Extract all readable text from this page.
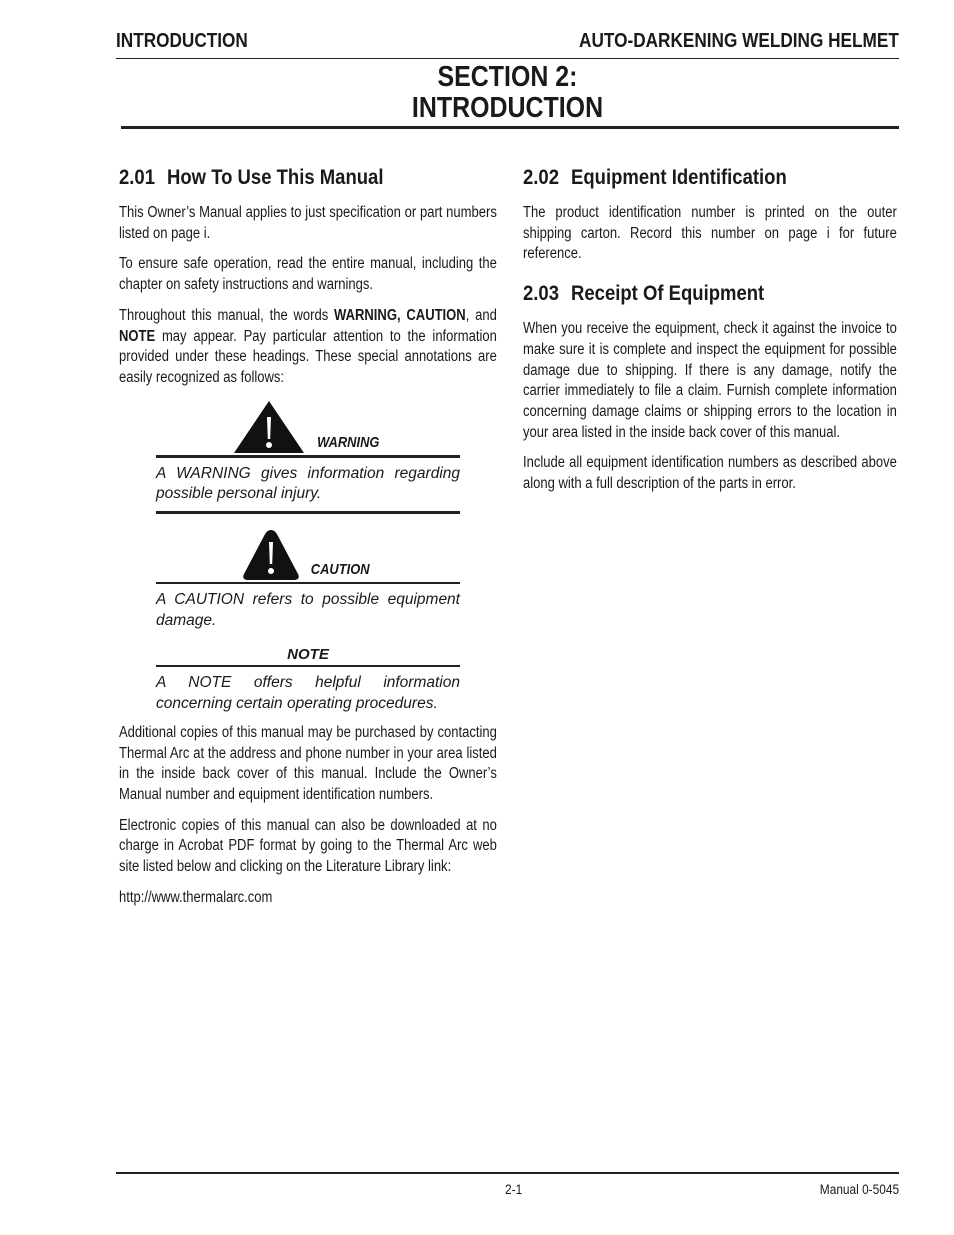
INTRODUCTION	AUTO-DARKENING WELDING HELMET
SECTION 2:
INTRODUCTION
2.01 How To Use This Manual

This Owner’s Manual applies to just specification or part numbers listed on page i.

To ensure safe operation, read the entire manual, including the chapter on safety instructions and warnings.

Throughout this manual, the words WARNING, CAUTION, and NOTE may appear. Pay particular attention to the information provided under these headings. These special annotations are easily recognized as follows:

WARNING

A WARNING gives information regarding possible personal injury.

CAUTION

A CAUTION refers to possible equipment damage.

NOTE

A NOTE offers helpful information concerning certain operating procedures.

Additional copies of this manual may be purchased by contacting Thermal Arc at the address and phone number in your area listed in the inside back cover of this manual. Include the Owner’s Manual number and equipment identification numbers.

Electronic copies of this manual can also be downloaded at no charge in Acrobat PDF format by going to the Thermal Arc web site listed below and clicking on the Literature Library link:

http://www.thermalarc.com

2.02 Equipment Identification

The product identification number is printed on the outer shipping carton. Record this number on page i for future reference.

2.03 Receipt Of Equipment

When you receive the equipment, check it against the invoice to make sure it is complete and inspect the equipment for possible damage due to shipping. If there is any damage, notify the carrier immediately to file a claim. Furnish complete information concerning damage claims or shipping errors to the location in your area listed in the inside back cover of this manual.

Include all equipment identification numbers as described above along with a full description of the parts in error.

2-1	Manual 0-5045
